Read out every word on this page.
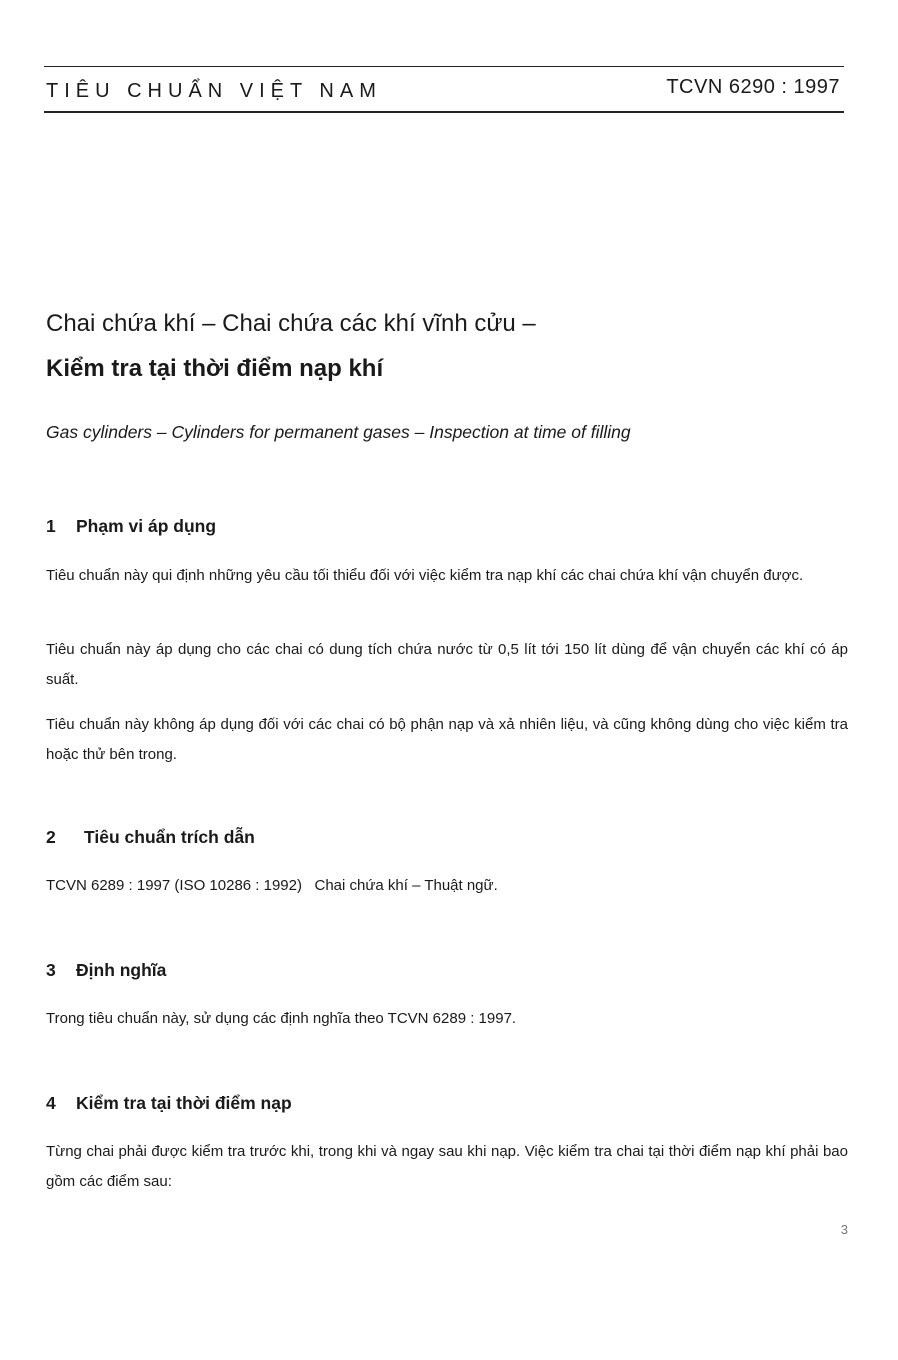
TIÊU CHUẨN VIỆT NAM	TCVN 6290 : 1997
Chai chứa khí – Chai chứa các khí vĩnh cửu –
Kiểm tra tại thời điểm nạp khí
Gas cylinders – Cylinders for permanent gases – Inspection at time of filling
1 Phạm vi áp dụng
Tiêu chuẩn này qui định những yêu cầu tối thiểu đối với việc kiểm tra nạp khí các chai chứa khí vận chuyển được.
Tiêu chuẩn này áp dụng cho các chai có dung tích chứa nước từ 0,5 lít tới 150 lít dùng để vận chuyển các khí có áp suất.
Tiêu chuẩn này không áp dụng đối với các chai có bộ phận nạp và xả nhiên liệu, và cũng không dùng cho việc kiểm tra hoặc thử bên trong.
2 Tiêu chuẩn trích dẫn
TCVN 6289 : 1997 (ISO 10286 : 1992)   Chai chứa khí – Thuật ngữ.
3 Định nghĩa
Trong tiêu chuẩn này, sử dụng các định nghĩa theo TCVN 6289 : 1997.
4 Kiểm tra tại thời điểm nạp
Từng chai phải được kiểm tra trước khi, trong khi và ngay sau khi nạp. Việc kiểm tra chai tại thời điểm nạp khí phải bao gồm các điểm sau:
3
